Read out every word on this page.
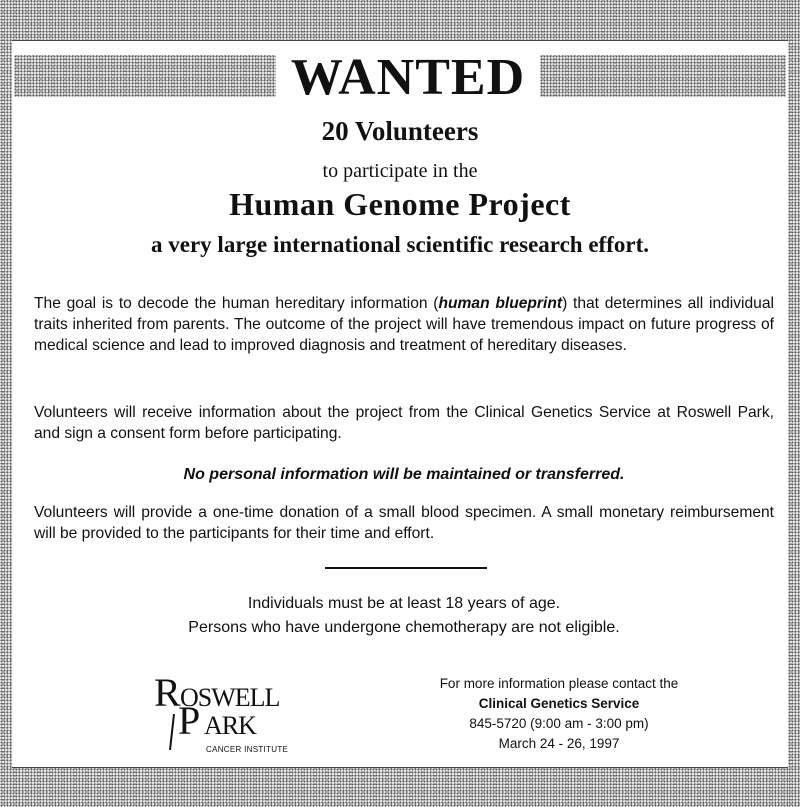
WANTED
20 Volunteers
to participate in the
Human Genome Project
a very large international scientific research effort.
The goal is to decode the human hereditary information (human blueprint) that determines all individual traits inherited from parents. The outcome of the project will have tremendous impact on future progress of medical science and lead to improved diagnosis and treatment of hereditary diseases.
Volunteers will receive information about the project from the Clinical Genetics Service at Roswell Park, and sign a consent form before participating.
No personal information will be maintained or transferred.
Volunteers will provide a one-time donation of a small blood specimen. A small monetary reimbursement will be provided to the participants for their time and effort.
Individuals must be at least 18 years of age.
Persons who have undergone chemotherapy are not eligible.
R OSWELL
P ARK
CANCER INSTITUTE
For more information please contact the
Clinical Genetics Service
845-5720 (9:00 am - 3:00 pm)
March 24 - 26, 1997
